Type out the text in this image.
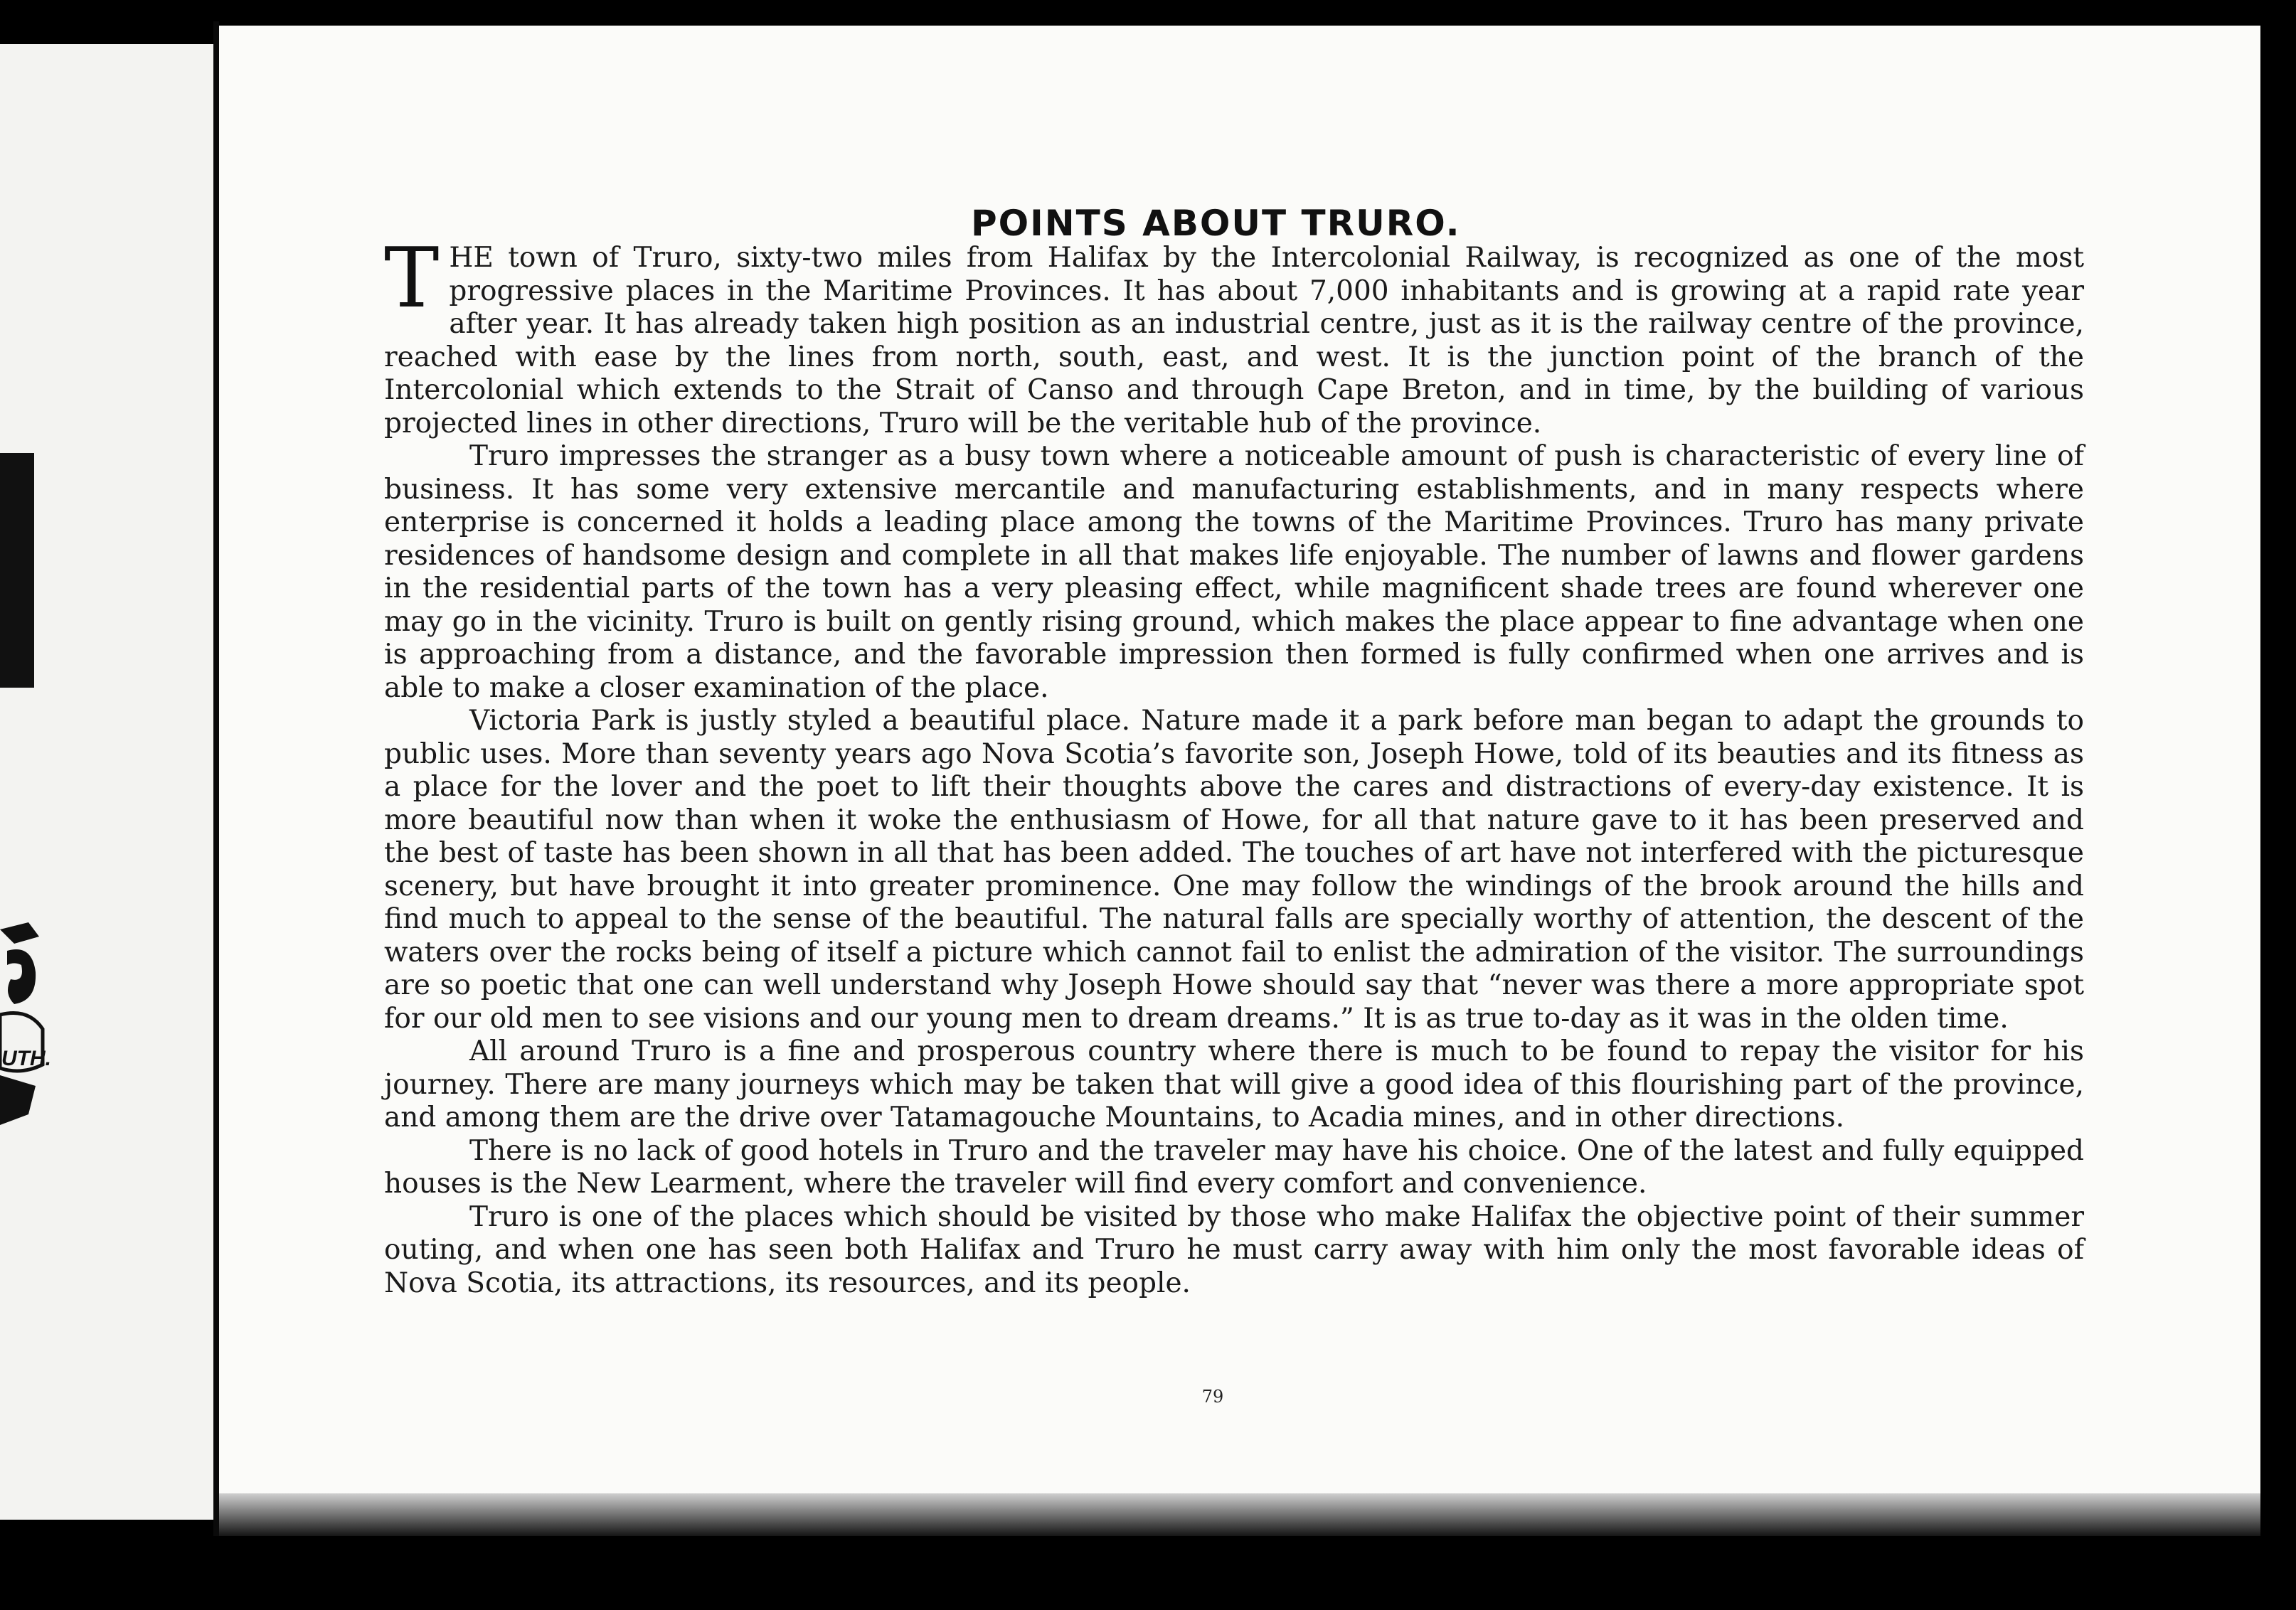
UTH.
POINTS ABOUT TRURO.

THE town of Truro, sixty-two miles from Halifax by the Intercolonial Railway, is recognized as one of the most progressive places in the Maritime Provinces. It has about 7,000 inhabitants and is growing at a rapid rate year after year. It has already taken high position as an industrial centre, just as it is the railway centre of the province, reached with ease by the lines from north, south, east, and west. It is the junction point of the branch of the Intercolonial which extends to the Strait of Canso and through Cape Breton, and in time, by the building of various projected lines in other directions, Truro will be the veritable hub of the province.

Truro impresses the stranger as a busy town where a noticeable amount of push is characteristic of every line of business. It has some very extensive mercantile and manufacturing establishments, and in many respects where enterprise is concerned it holds a leading place among the towns of the Maritime Provinces. Truro has many private residences of handsome design and complete in all that makes life enjoyable. The number of lawns and flower gardens in the residential parts of the town has a very pleasing effect, while magnificent shade trees are found wherever one may go in the vicinity. Truro is built on gently rising ground, which makes the place appear to fine advantage when one is approaching from a distance, and the favorable impression then formed is fully confirmed when one arrives and is able to make a closer examination of the place.

Victoria Park is justly styled a beautiful place. Nature made it a park before man began to adapt the grounds to public uses. More than seventy years ago Nova Scotia’s favorite son, Joseph Howe, told of its beauties and its fitness as a place for the lover and the poet to lift their thoughts above the cares and distractions of every-day existence. It is more beautiful now than when it woke the enthusiasm of Howe, for all that nature gave to it has been preserved and the best of taste has been shown in all that has been added. The touches of art have not interfered with the picturesque scenery, but have brought it into greater prominence. One may follow the windings of the brook around the hills and find much to appeal to the sense of the beautiful. The natural falls are specially worthy of attention, the descent of the waters over the rocks being of itself a picture which cannot fail to enlist the admiration of the visitor. The surroundings are so poetic that one can well understand why Joseph Howe should say that “never was there a more appropriate spot for our old men to see visions and our young men to dream dreams.” It is as true to-day as it was in the olden time.

All around Truro is a fine and prosperous country where there is much to be found to repay the visitor for his journey. There are many journeys which may be taken that will give a good idea of this flourishing part of the province, and among them are the drive over Tatamagouche Mountains, to Acadia mines, and in other directions.

There is no lack of good hotels in Truro and the traveler may have his choice. One of the latest and fully equipped houses is the New Learment, where the traveler will find every comfort and convenience.

Truro is one of the places which should be visited by those who make Halifax the objective point of their summer outing, and when one has seen both Halifax and Truro he must carry away with him only the most favorable ideas of Nova Scotia, its attractions, its resources, and its people.

79
